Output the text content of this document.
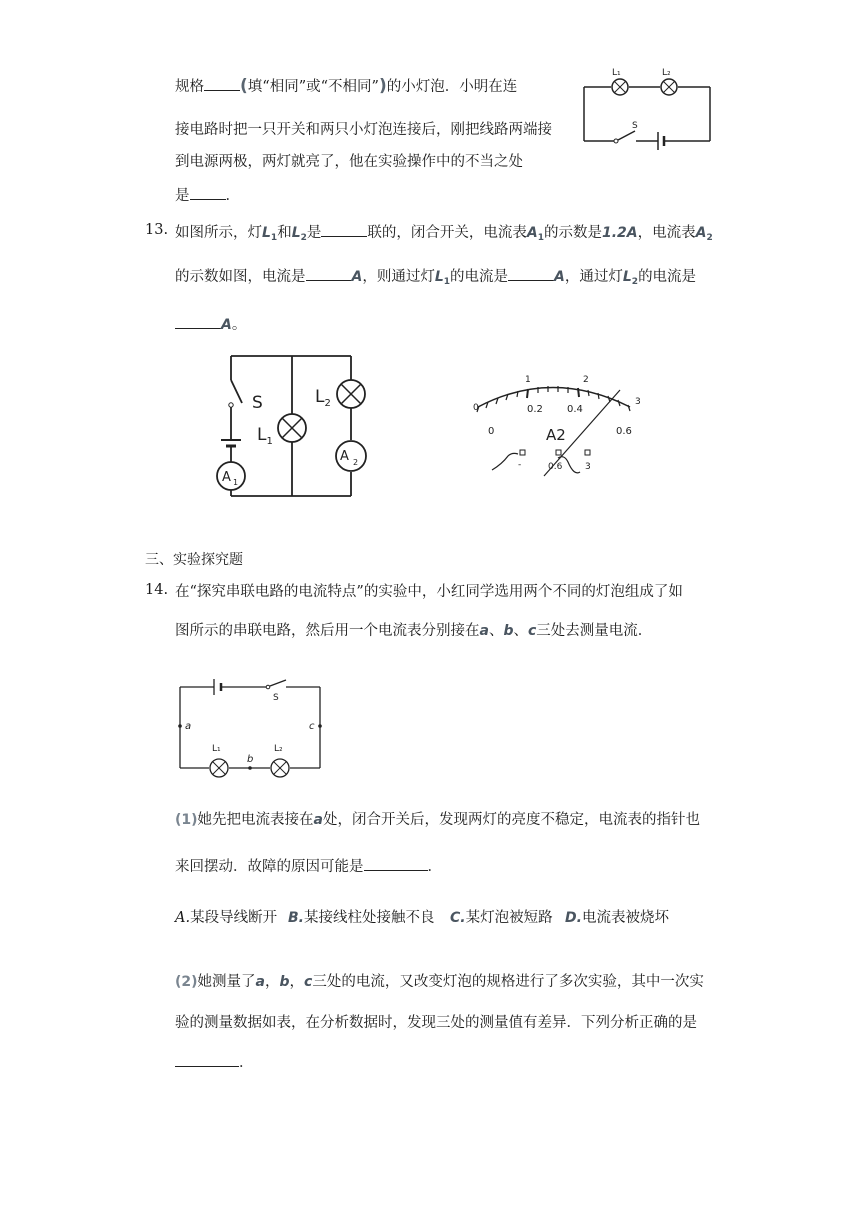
规格 (填“相同”或“不相同”)的小灯泡．小明在连
接电路时把一只开关和两只小灯泡连接后，刚把线路两端接
到电源两极，两灯就亮了，他在实验操作中的不当之处
是 ．
L₁	L₂
S
13. 如图所示，灯$L_1$和$L_2$是	联的，闭合开关，电流表$A_1$的示数是1.2A，电流表$A_2$
的示数如图，电流是	A，则通过灯$L_1$的电流是	A，通过灯$L_2$的电流是
A。
A 1
A 2
S
$L_1$
$L_2$	0
1	2
3
0.2 0.4
0	0.6
A2
-	0.6	3
三、实验探究题
14. 在“探究串联电路的电流特点”的实验中，小红同学选用两个不同的灯泡组成了如
图所示的串联电路，然后用一个电流表分别接在a、b、c三处去测量电流．
S
a	c
b
L₁	L₂
(1)她先把电流表接在a处，闭合开关后，发现两灯的亮度不稳定，电流表的指针也
来回摆动．故障的原因可能是	．
A.某段导线断开 B.某接线柱处接触不良 C.某灯泡被短路 D.电流表被烧坏
(2)她测量了a，b，c三处的电流，又改变灯泡的规格进行了多次实验，其中一次实
验的测量数据如表，在分析数据时，发现三处的测量值有差异．下列分析正确的是
．
